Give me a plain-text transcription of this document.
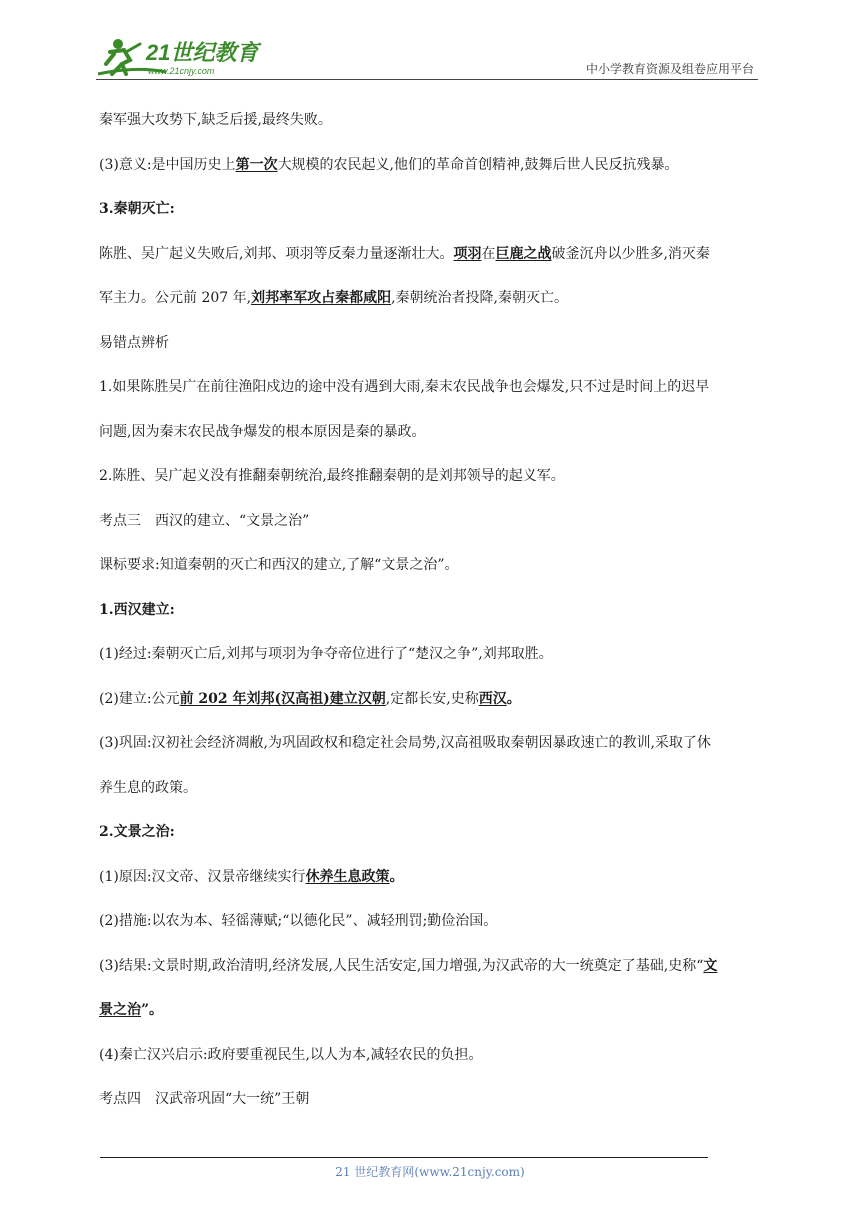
21世纪教育
www.21cnjy.com	中小学教育资源及组卷应用平台

秦军强大攻势下,缺乏后援,最终失败。

(3)意义:是中国历史上第一次大规模的农民起义,他们的革命首创精神,鼓舞后世人民反抗残暴。

3.秦朝灭亡:

陈胜、吴广起义失败后,刘邦、项羽等反秦力量逐渐壮大。项羽在巨鹿之战破釜沉舟以少胜多,消灭秦

军主力。公元前 207 年,刘邦率军攻占秦都咸阳,秦朝统治者投降,秦朝灭亡。

易错点辨析

1.如果陈胜吴广在前往渔阳戍边的途中没有遇到大雨,秦末农民战争也会爆发,只不过是时间上的迟早

问题,因为秦末农民战争爆发的根本原因是秦的暴政。

2.陈胜、吴广起义没有推翻秦朝统治,最终推翻秦朝的是刘邦领导的起义军。

考点三　西汉的建立、“文景之治”

课标要求:知道秦朝的灭亡和西汉的建立,了解“文景之治”。

1.西汉建立:

(1)经过:秦朝灭亡后,刘邦与项羽为争夺帝位进行了“楚汉之争”,刘邦取胜。

(2)建立:公元前 202 年刘邦(汉高祖)建立汉朝,定都长安,史称西汉。

(3)巩固:汉初社会经济凋敝,为巩固政权和稳定社会局势,汉高祖吸取秦朝因暴政速亡的教训,采取了休

养生息的政策。

2.文景之治:

(1)原因:汉文帝、汉景帝继续实行休养生息政策。

(2)措施:以农为本、轻徭薄赋;“以德化民”、减轻刑罚;勤俭治国。

(3)结果:文景时期,政治清明,经济发展,人民生活安定,国力增强,为汉武帝的大一统奠定了基础,史称“文

景之治”。

(4)秦亡汉兴启示:政府要重视民生,以人为本,减轻农民的负担。

考点四　汉武帝巩固“大一统”王朝

21 世纪教育网(www.21cnjy.com)
